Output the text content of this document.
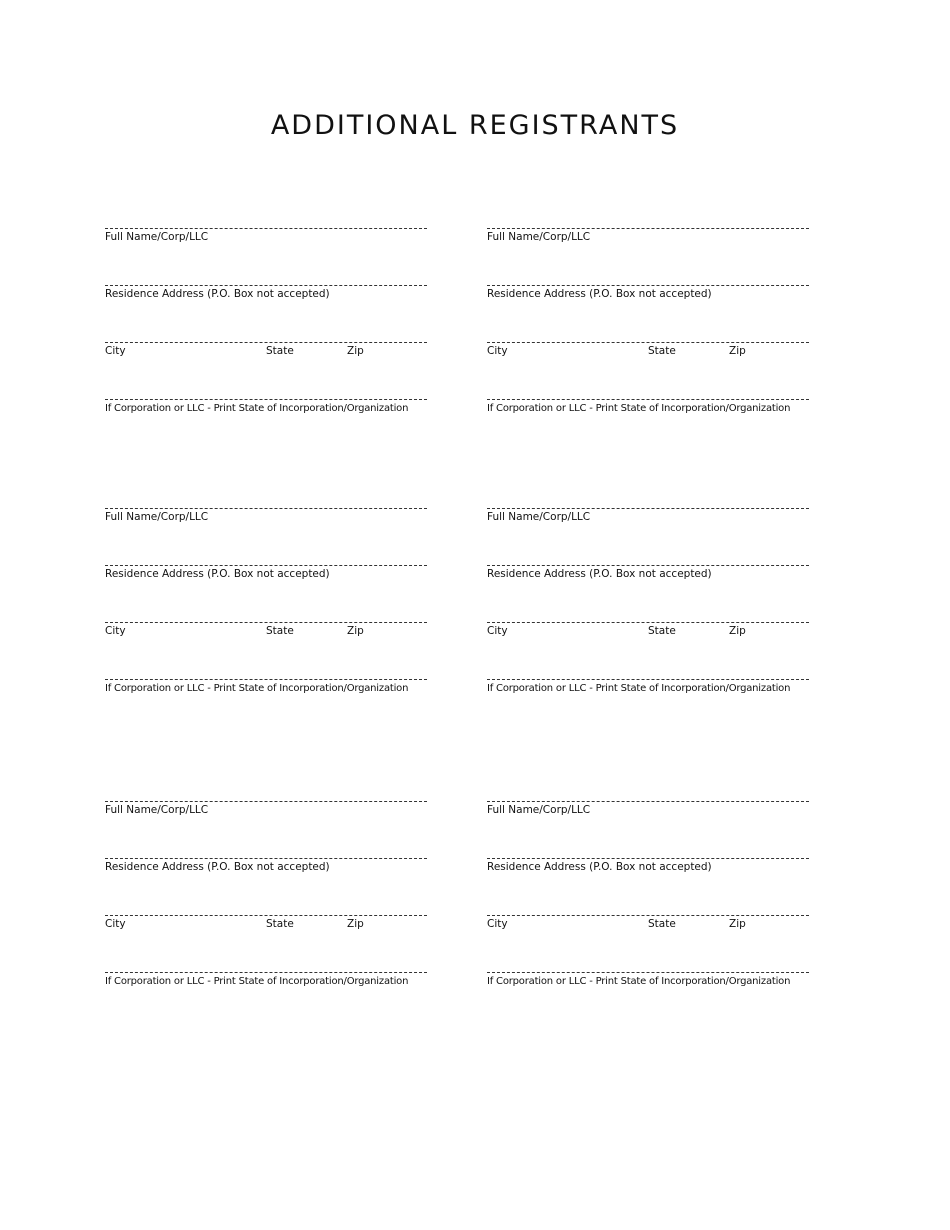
ADDITIONAL REGISTRANTS
Full Name/Corp/LLC
Residence Address (P.O. Box not accepted)
City	State	Zip
If Corporation or LLC - Print State of Incorporation/Organization
Full Name/Corp/LLC
Residence Address (P.O. Box not accepted)
City	State	Zip
If Corporation or LLC - Print State of Incorporation/Organization
Full Name/Corp/LLC
Residence Address (P.O. Box not accepted)
City	State	Zip
If Corporation or LLC - Print State of Incorporation/Organization
Full Name/Corp/LLC
Residence Address (P.O. Box not accepted)
City	State	Zip
If Corporation or LLC - Print State of Incorporation/Organization
Full Name/Corp/LLC
Residence Address (P.O. Box not accepted)
City	State	Zip
If Corporation or LLC - Print State of Incorporation/Organization
Full Name/Corp/LLC
Residence Address (P.O. Box not accepted)
City	State	Zip
If Corporation or LLC - Print State of Incorporation/Organization
